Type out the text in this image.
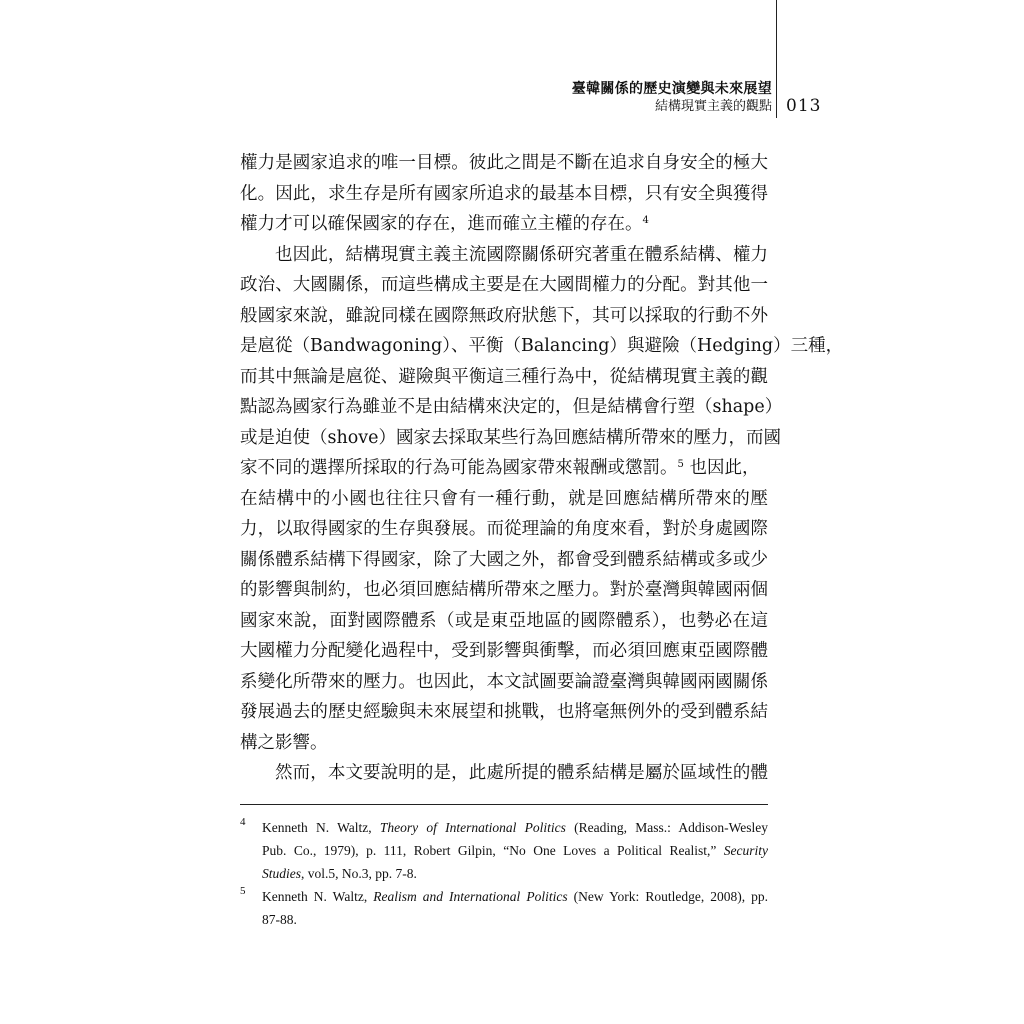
臺韓關係的歷史演變與未來展望
結構現實主義的觀點 013
權力是國家追求的唯一目標。彼此之間是不斷在追求自身安全的極大
化。因此，求生存是所有國家所追求的最基本目標，只有安全與獲得
權力才可以確保國家的存在，進而確立主權的存在。$^4$
也因此，結構現實主義主流國際關係研究著重在體系結構、權力
政治、大國關係，而這些構成主要是在大國間權力的分配。對其他一
般國家來說，雖說同樣在國際無政府狀態下，其可以採取的行動不外
是扈從（Bandwagoning）、平衡（Balancing）與避險（Hedging）三種，
而其中無論是扈從、避險與平衡這三種行為中，從結構現實主義的觀
點認為國家行為雖並不是由結構來決定的，但是結構會行塑（shape）
或是迫使（shove）國家去採取某些行為回應結構所帶來的壓力，而國
家不同的選擇所採取的行為可能為國家帶來報酬或懲罰。$^5$ 也因此，
在結構中的小國也往往只會有一種行動，就是回應結構所帶來的壓
力，以取得國家的生存與發展。而從理論的角度來看，對於身處國際
關係體系結構下得國家，除了大國之外，都會受到體系結構或多或少
的影響與制約，也必須回應結構所帶來之壓力。對於臺灣與韓國兩個
國家來說，面對國際體系（或是東亞地區的國際體系），也勢必在這
大國權力分配變化過程中，受到影響與衝擊，而必須回應東亞國際體
系變化所帶來的壓力。也因此，本文試圖要論證臺灣與韓國兩國關係
發展過去的歷史經驗與未來展望和挑戰，也將毫無例外的受到體系結
構之影響。
然而，本文要說明的是，此處所提的體系結構是屬於區域性的體
4 Kenneth N. Waltz, Theory of International Politics (Reading, Mass.: Addison-Wesley
Pub. Co., 1979), p. 111, Robert Gilpin, “No One Loves a Political Realist,” Security
Studies, vol.5, No.3, pp. 7-8.
5 Kenneth N. Waltz, Realism and International Politics (New York: Routledge, 2008), pp.
87-88.
